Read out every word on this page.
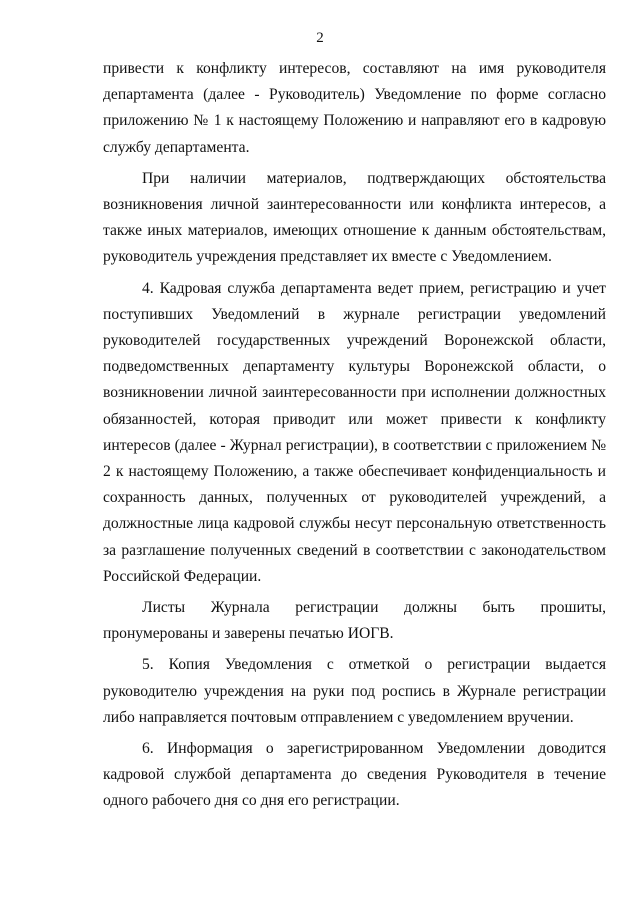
2

привести к конфликту интересов, составляют на имя руководителя департамента (далее - Руководитель) Уведомление по форме согласно приложению № 1 к настоящему Положению и направляют его в кадровую службу департамента.

При наличии материалов, подтверждающих обстоятельства возникновения личной заинтересованности или конфликта интересов, а также иных материалов, имеющих отношение к данным обстоятельствам, руководитель учреждения представляет их вместе с Уведомлением.

4. Кадровая служба департамента ведет прием, регистрацию и учет поступивших Уведомлений в журнале регистрации уведомлений руководителей государственных учреждений Воронежской области, подведомственных департаменту культуры Воронежской области, о возникновении личной заинтересованности при исполнении должностных обязанностей, которая приводит или может привести к конфликту интересов (далее - Журнал регистрации), в соответствии с приложением № 2 к настоящему Положению, а также обеспечивает конфиденциальность и сохранность данных, полученных от руководителей учреждений, а должностные лица кадровой службы несут персональную ответственность за разглашение полученных сведений в соответствии с законодательством Российской Федерации.

Листы Журнала регистрации должны быть прошиты, пронумерованы и заверены печатью ИОГВ.

5. Копия Уведомления с отметкой о регистрации выдается руководителю учреждения на руки под роспись в Журнале регистрации либо направляется почтовым отправлением с уведомлением вручении.

6. Информация о зарегистрированном Уведомлении доводится кадровой службой департамента до сведения Руководителя в течение одного рабочего дня со дня его регистрации.
